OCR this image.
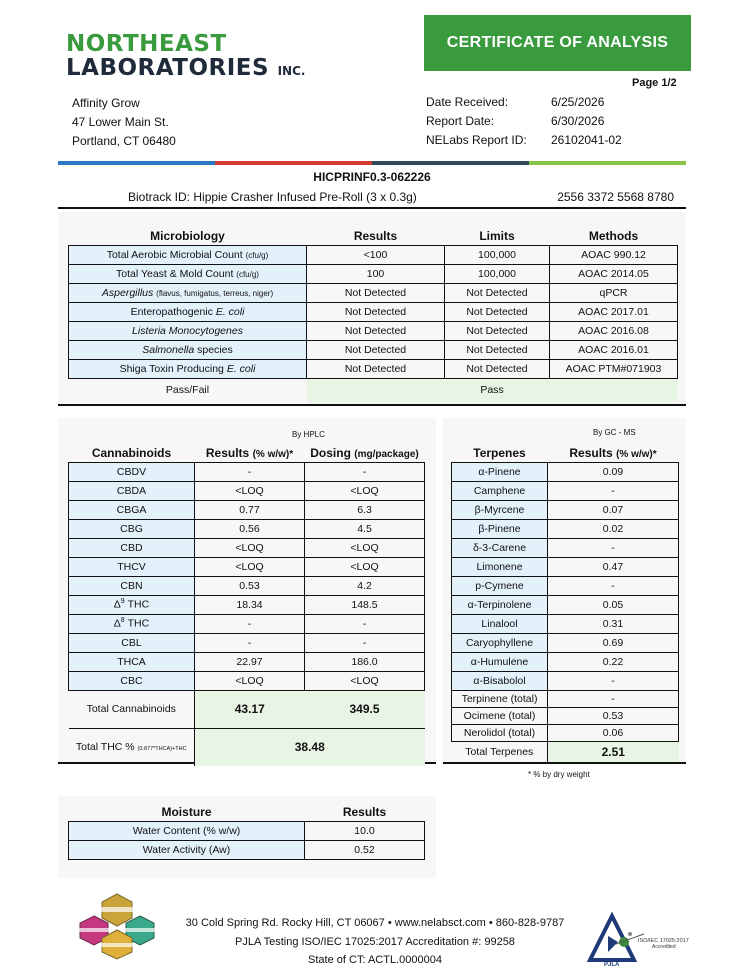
NORTHEAST
LABORATORIES INC.
CERTIFICATE OF ANALYSIS
Page 1/2
Affinity Grow
47 Lower Main St.
Portland, CT 06480
Date Received:	6/25/2026
Report Date:	6/30/2026
NELabs Report ID:	26102041-02
HICPRINF0.3-062226
Biotrack ID: Hippie Crasher Infused Pre-Roll (3 x 0.3g)	2556 3372 5568 8780
Microbiology	Results	Limits	Methods
Total Aerobic Microbial Count (cfu/g)	<100	100,000	AOAC 990.12
Total Yeast & Mold Count (cfu/g)	100	100,000	AOAC 2014.05
Aspergillus (flavus, fumigatus, terreus, niger)	Not Detected	Not Detected	qPCR
Enteropathogenic E. coli	Not Detected	Not Detected	AOAC 2017.01
Listeria Monocytogenes	Not Detected	Not Detected	AOAC 2016.08
Salmonella species	Not Detected	Not Detected	AOAC 2016.01
Shiga Toxin Producing E. coli	Not Detected	Not Detected	AOAC PTM#071903
Pass/Fail	Pass		
By HPLC
Cannabinoids	Results (% w/w)*	Dosing (mg/package)
CBDV	-	-
CBDA	<LOQ	<LOQ
CBGA	0.77	6.3
CBG	0.56	4.5
CBD	<LOQ	<LOQ
THCV	<LOQ	<LOQ
CBN	0.53	4.2
$\Delta^9$ THC	18.34	148.5
$\Delta^8$ THC	-	-
CBL	-	-
THCA	22.97	186.0
CBC	<LOQ	<LOQ
Total Cannabinoids	43.17	349.5
Total THC % (0.877*THCA)+THC	38.48	
By GC - MS
Terpenes	Results (% w/w)*
α-Pinene	0.09
Camphene	-
β-Myrcene	0.07
β-Pinene	0.02
δ-3-Carene	-
Limonene	0.47
p-Cymene	-
α-Terpinolene	0.05
Linalool	0.31
Caryophyllene	0.69
α-Humulene	0.22
α-Bisabolol	-
Terpinene (total)	-
Ocimene (total)	0.53
Nerolidol (total)	0.06
Total Terpenes	2.51
* % by dry weight
Moisture	Results
Water Content (% w/w)	10.0
Water Activity (Aw)	0.52
30 Cold Spring Rd. Rocky Hill, CT 06067 • www.nelabsct.com • 860-828-9787
PJLA Testing ISO/IEC 17025:2017 Accreditation #: 99258
State of CT: ACTL.0000004
ISO/IEC 17025:2017
Accredited
PJLA
